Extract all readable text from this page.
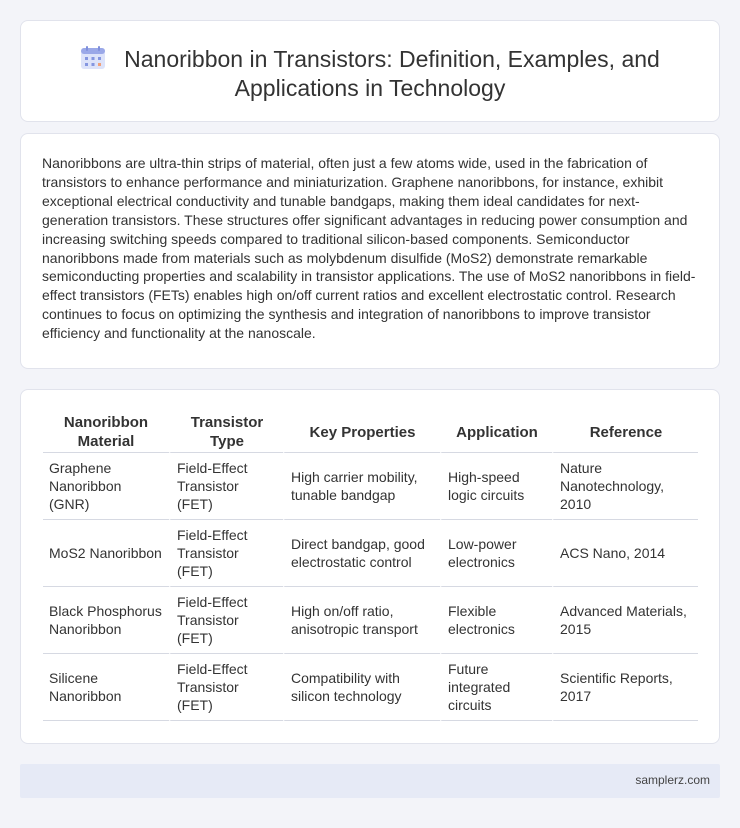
Nanoribbon in Transistors: Definition, Examples, and Applications in Technology

Nanoribbons are ultra-thin strips of material, often just a few atoms wide, used in the fabrication of transistors to enhance performance and miniaturization. Graphene nanoribbons, for instance, exhibit exceptional electrical conductivity and tunable bandgaps, making them ideal candidates for next-generation transistors. These structures offer significant advantages in reducing power consumption and increasing switching speeds compared to traditional silicon-based components. Semiconductor nanoribbons made from materials such as molybdenum disulfide (MoS2) demonstrate remarkable semiconducting properties and scalability in transistor applications. The use of MoS2 nanoribbons in field-effect transistors (FETs) enables high on/off current ratios and excellent electrostatic control. Research continues to focus on optimizing the synthesis and integration of nanoribbons to improve transistor efficiency and functionality at the nanoscale.

Nanoribbon Material	Transistor Type	Key Properties	Application	Reference
Graphene Nanoribbon (GNR)	Field-Effect Transistor (FET)	High carrier mobility, tunable bandgap	High-speed logic circuits	Nature Nanotechnology, 2010
MoS2 Nanoribbon	Field-Effect Transistor (FET)	Direct bandgap, good electrostatic control	Low-power electronics	ACS Nano, 2014
Black Phosphorus Nanoribbon	Field-Effect Transistor (FET)	High on/off ratio, anisotropic transport	Flexible electronics	Advanced Materials, 2015
Silicene Nanoribbon	Field-Effect Transistor (FET)	Compatibility with silicon technology	Future integrated circuits	Scientific Reports, 2017
samplerz.com
